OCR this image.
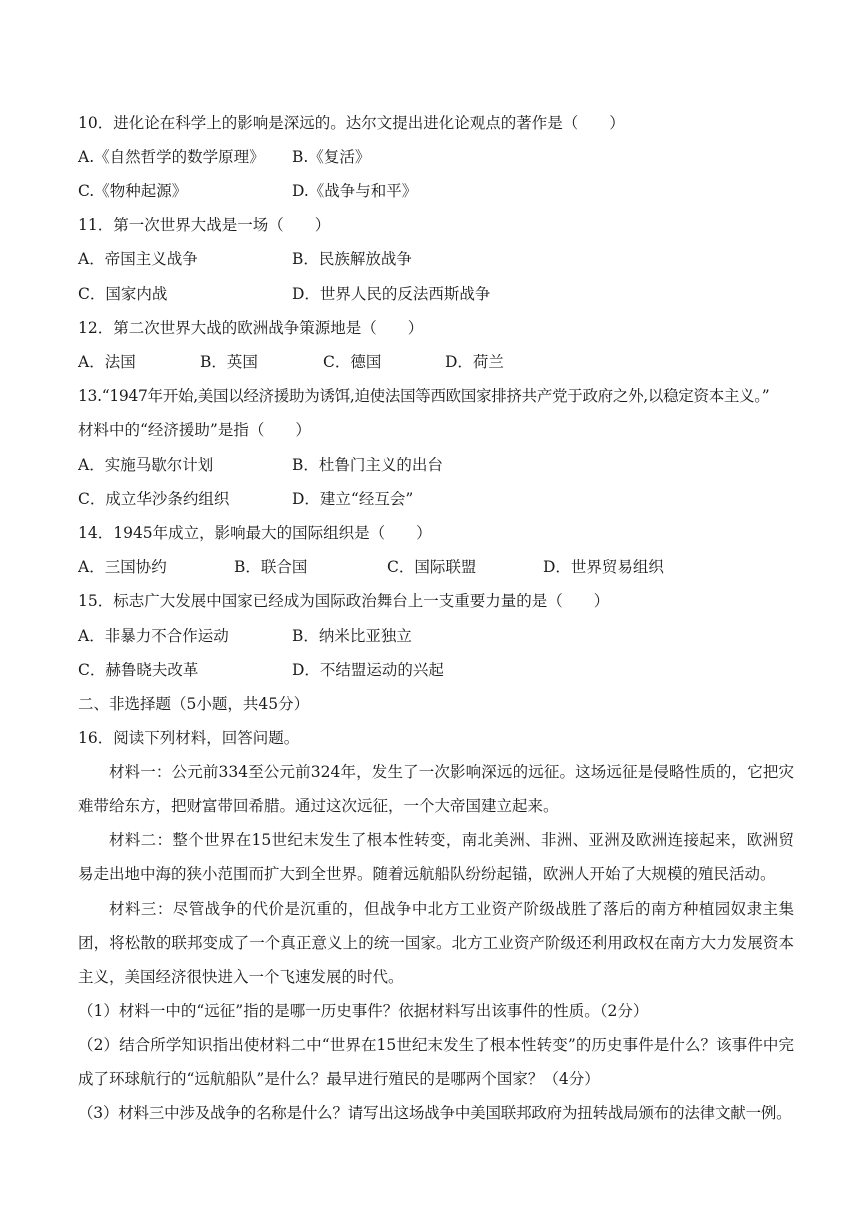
10．进化论在科学上的影响是深远的。达尔文提出进化论观点的著作是（　　）
A.《自然哲学的数学原理》 B.《复活》
C.《物种起源》	D.《战争与和平》
11．第一次世界大战是一场（　　）
A．帝国主义战争	B．民族解放战争
C．国家内战	D．世界人民的反法西斯战争
12．第二次世界大战的欧洲战争策源地是（　　）
A．法国	B．英国	C．德国	D．荷兰
13.“1947年开始,美国以经济援助为诱饵,迫使法国等西欧国家排挤共产党于政府之外,以稳定资本主义。”
材料中的“经济援助”是指（　　）
A．实施马歇尔计划	B．杜鲁门主义的出台
C．成立华沙条约组织	D．建立“经互会”
14．1945年成立，影响最大的国际组织是（　　）
A．三国协约	B．联合国	C．国际联盟	D．世界贸易组织
15．标志广大发展中国家已经成为国际政治舞台上一支重要力量的是（　　）
A．非暴力不合作运动	B．纳米比亚独立
C．赫鲁晓夫改革	D．不结盟运动的兴起
二、非选择题（5小题，共45分）
16．阅读下列材料，回答问题。
材料一：公元前334至公元前324年，发生了一次影响深远的远征。这场远征是侵略性质的，它把灾难带给东方，把财富带回希腊。通过这次远征，一个大帝国建立起来。
材料二：整个世界在15世纪末发生了根本性转变，南北美洲、非洲、亚洲及欧洲连接起来，欧洲贸易走出地中海的狭小范围而扩大到全世界。随着远航船队纷纷起锚，欧洲人开始了大规模的殖民活动。
材料三：尽管战争的代价是沉重的，但战争中北方工业资产阶级战胜了落后的南方种植园奴隶主集团，将松散的联邦变成了一个真正意义上的统一国家。北方工业资产阶级还利用政权在南方大力发展资本主义，美国经济很快进入一个飞速发展的时代。
（1）材料一中的“远征”指的是哪一历史事件？依据材料写出该事件的性质。（2分）
（2）结合所学知识指出使材料二中“世界在15世纪末发生了根本性转变”的历史事件是什么？该事件中完成了环球航行的“远航船队”是什么？最早进行殖民的是哪两个国家？（4分）
（3）材料三中涉及战争的名称是什么？请写出这场战争中美国联邦政府为扭转战局颁布的法律文献一例。
